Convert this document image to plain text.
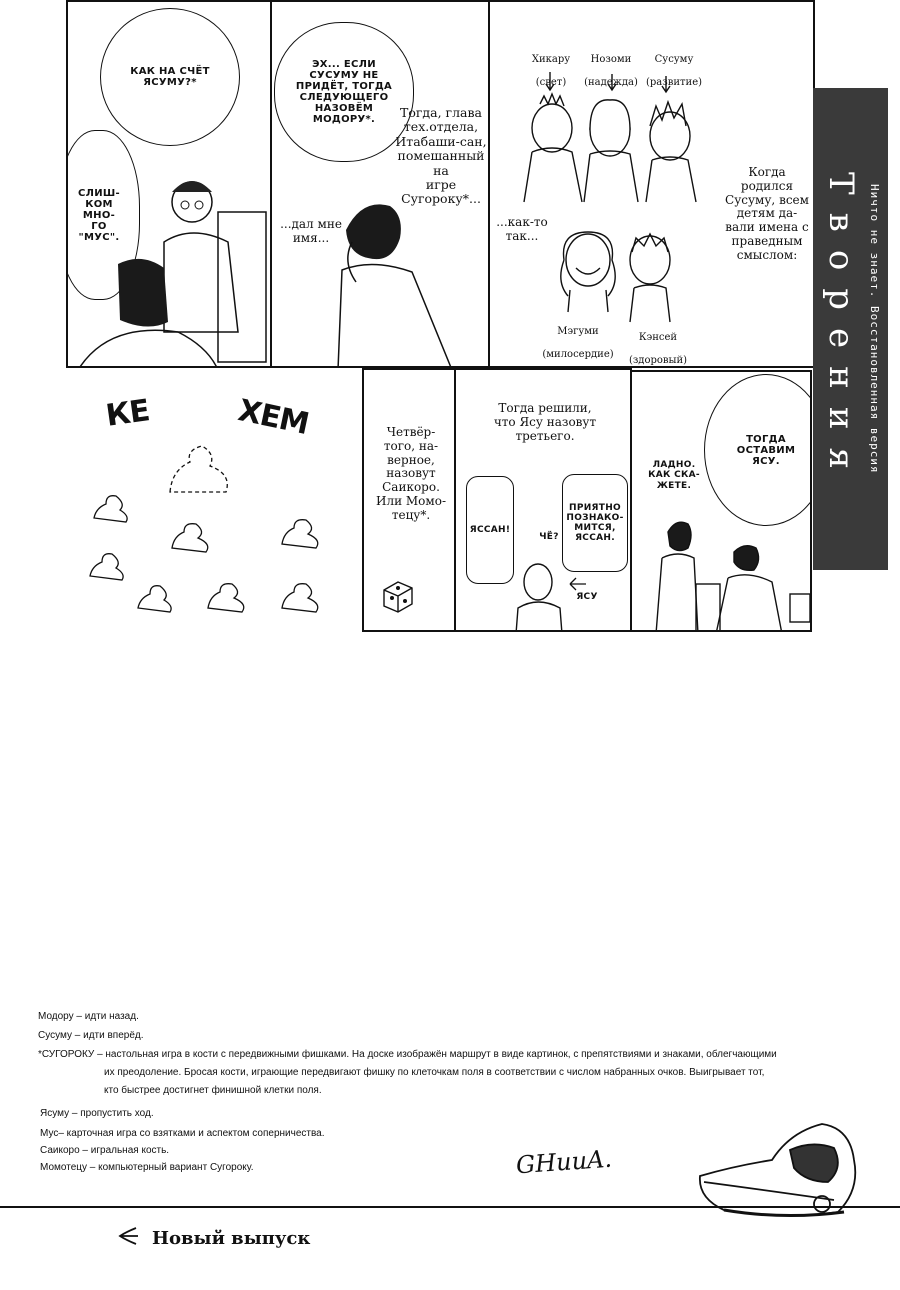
КАК НА СЧЁТ
ЯСУМУ?*
СЛИШ-
КОМ
МНО-
ГО
"МУС".
ЭХ... ЕСЛИ
СУСУМУ НЕ
ПРИДЁТ, ТОГДА
СЛЕДУЮЩЕГО
НАЗОВЁМ
МОДОРУ*.
...дал мне
имя...
Тогда, глава
тех.отдела,
Итабаши-сан,
помешанный на
игре Сугороку*...

Хикару

(свет)

Нозоми

(надежда)

Сусуму

(развитие)

Мэгуми

(милосердие)

Кэнсей

(здоровый)

Когда
родился
Сусуму, всем
детям да-
вали имена с
праведным
смыслом:
...как-то
так...	Творения Ничто не знает. Восстановленная версия
КЕ	ХЕМ	Четвёр-
того, на-
верное,
назовут
Саикоро.
Или Момо-
тецу*.
Тогда решили,
что Ясу назовут
третьего.
ЯССАН!
ЧЁ?
ПРИЯТНО
ПОЗНАКО-
МИТСЯ,
ЯССАН.
ЯСУ
ТОГДА
ОСТАВИМ
ЯСУ.
ЛАДНО.
КАК СКА-
ЖЕТЕ.
Модору – идти назад.
Сусуму – идти вперёд.
*СУГОРОКУ – настольная игра в кости с передвижными фишками. На доске изображён маршрут в виде картинок, с препятствиями и знаками, облегчающими
их преодоление. Бросая кости, играющие передвигают фишку по клеточкам поля в соответствии с числом набранных очков. Выигрывает тот,
кто быстрее достигнет финишной клетки поля.
Ясуму – пропустить ход.
Мус– карточная игра со взятками и аспектом соперничества.
Саикоро – игральная кость.
Момотецу – компьютерный вариант Сугороку.	GHuuA.
Новый выпуск
